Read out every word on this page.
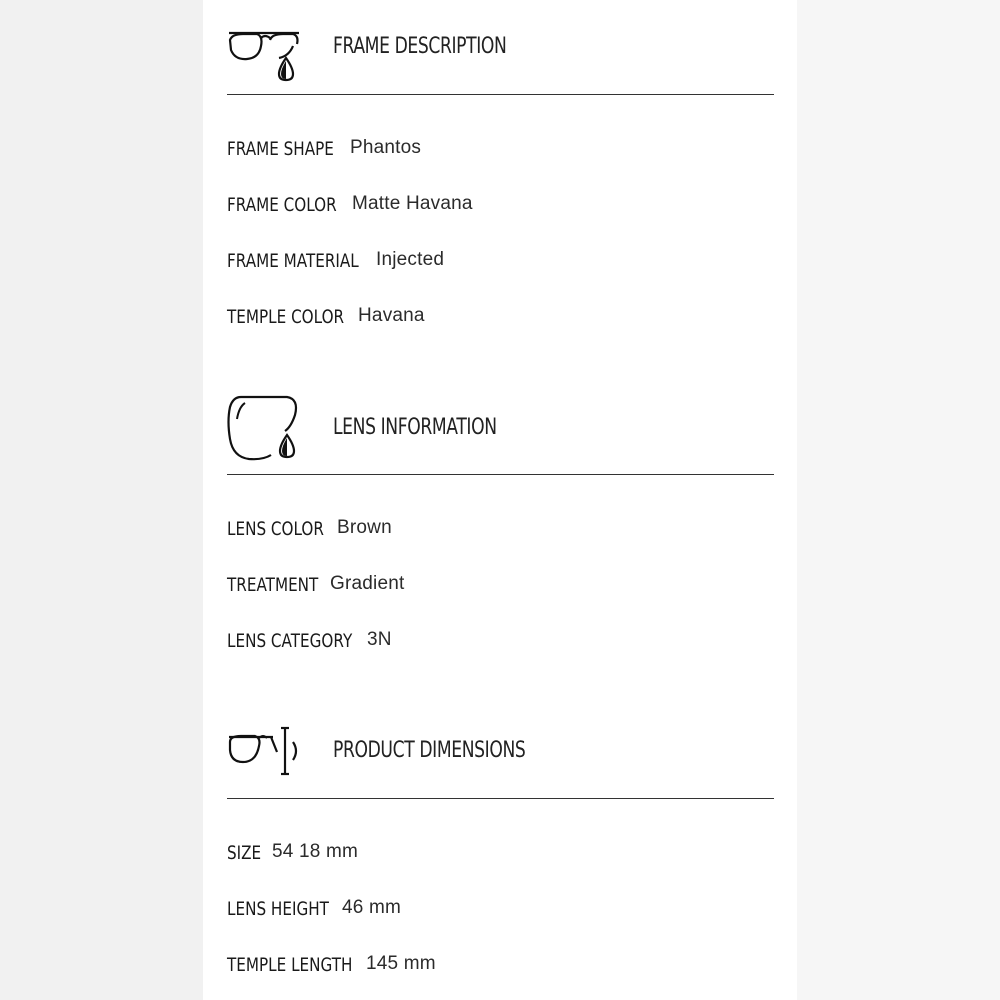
FRAME DESCRIPTION
FRAME SHAPE Phantos
FRAME COLOR Matte Havana
FRAME MATERIAL Injected
TEMPLE COLOR Havana
LENS INFORMATION
LENS COLOR Brown
TREATMENT Gradient
LENS CATEGORY 3N
PRODUCT DIMENSIONS
SIZE 54 18 mm
LENS HEIGHT 46 mm
TEMPLE LENGTH 145 mm
